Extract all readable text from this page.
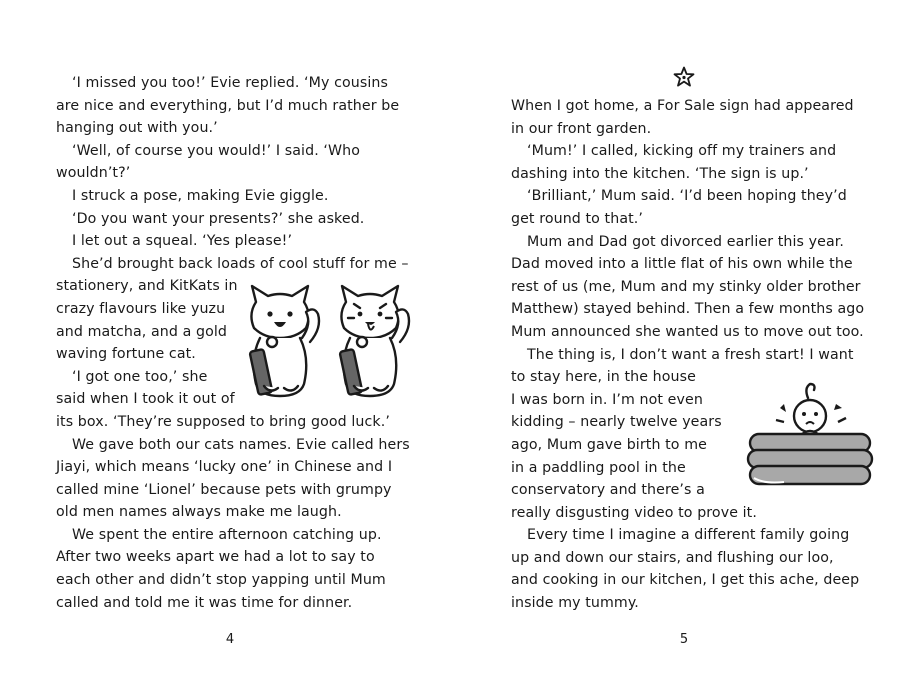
‘I missed you too!’ Evie replied. ‘My cousins
are nice and everything, but I’d much rather be
hanging out with you.’
‘Well, of course you would!’ I said. ‘Who
wouldn’t?’
I struck a pose, making Evie giggle.
‘Do you want your presents?’ she asked.
I let out a squeal. ‘Yes please!’
She’d brought back loads of cool stuff for me –
stationery, and KitKats in
crazy flavours like yuzu
and matcha, and a gold
waving fortune cat.
‘I got one too,’ she
said when I took it out of
its box. ‘They’re supposed to bring good luck.’
We gave both our cats names. Evie called hers
Jiayi, which means ‘lucky one’ in Chinese and I
called mine ‘Lionel’ because pets with grumpy
old men names always make me laugh.
We spent the entire afternoon catching up.
After two weeks apart we had a lot to say to
each other and didn’t stop yapping until Mum
called and told me it was time for dinner.
4
When I got home, a For Sale sign had appeared
in our front garden.
‘Mum!’ I called, kicking off my trainers and
dashing into the kitchen. ‘The sign is up.’
‘Brilliant,’ Mum said. ‘I’d been hoping they’d
get round to that.’
Mum and Dad got divorced earlier this year.
Dad moved into a little flat of his own while the
rest of us (me, Mum and my stinky older brother
Matthew) stayed behind. Then a few months ago
Mum announced she wanted us to move out too.
The thing is, I don’t want a fresh start! I want
to stay here, in the house
I was born in. I’m not even
kidding – nearly twelve years
ago, Mum gave birth to me
in a paddling pool in the
conservatory and there’s a
really disgusting video to prove it.
Every time I imagine a different family going
up and down our stairs, and flushing our loo,
and cooking in our kitchen, I get this ache, deep
inside my tummy.
5
